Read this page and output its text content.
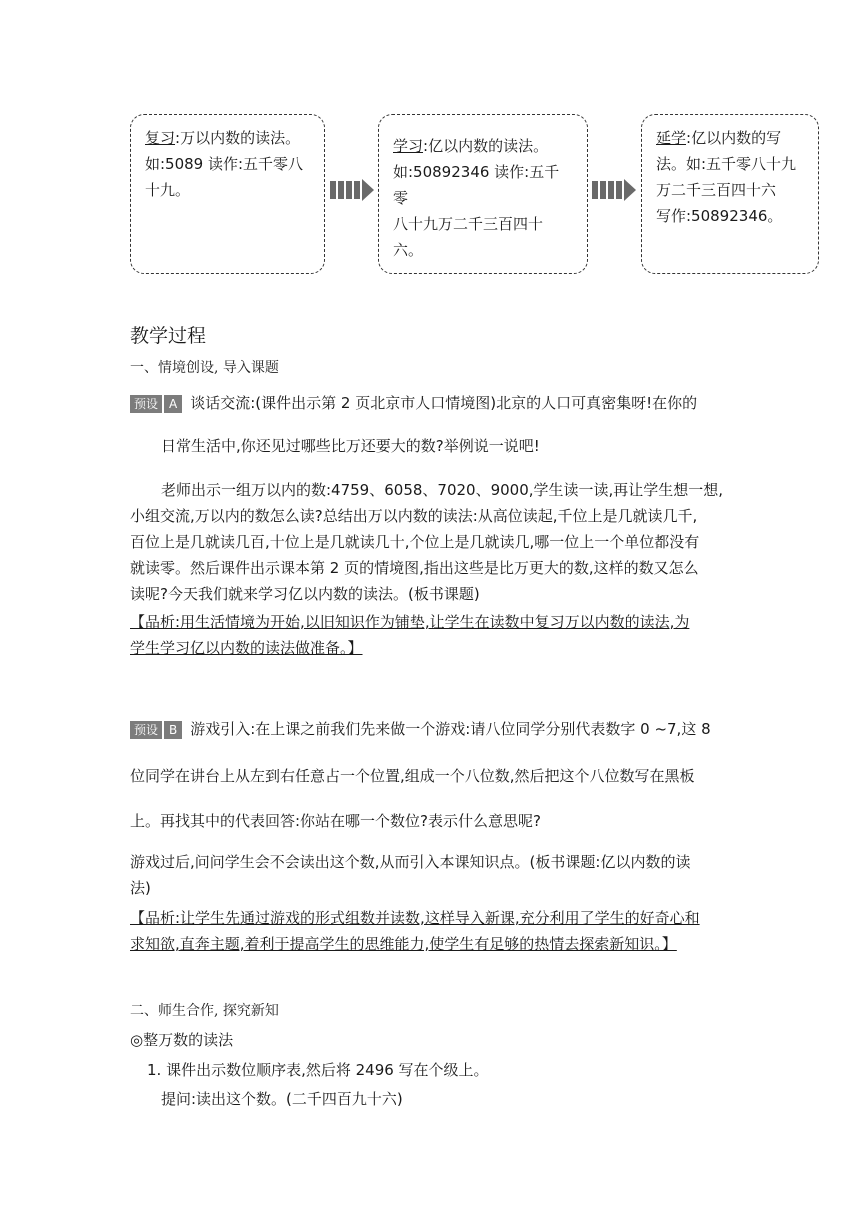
复习:万以内数的读法。
如:5089 读作:五千零八
十九。
学习:亿以内数的读法。
如:50892346 读作:五千零
八十九万二千三百四十
六。
延学:亿以内数的写
法。如:五千零八十九
万二千三百四十六
写作:50892346。
教学过程
一、情境创设, 导入课题
预设 A 谈话交流:(课件出示第 2 页北京市人口情境图)北京的人口可真密集呀!在你的
日常生活中,你还见过哪些比万还要大的数?举例说一说吧!
老师出示一组万以内的数:4759、6058、7020、9000,学生读一读,再让学生想一想,
小组交流,万以内的数怎么读?总结出万以内数的读法:从高位读起,千位上是几就读几千,
百位上是几就读几百,十位上是几就读几十,个位上是几就读几,哪一位上一个单位都没有
就读零。然后课件出示课本第 2 页的情境图,指出这些是比万更大的数,这样的数又怎么
读呢?今天我们就来学习亿以内数的读法。(板书课题)
【品析:用生活情境为开始,以旧知识作为铺垫,让学生在读数中复习万以内数的读法,为
学生学习亿以内数的读法做准备。】
预设 B 游戏引入:在上课之前我们先来做一个游戏:请八位同学分别代表数字 0 ~7,这 8
位同学在讲台上从左到右任意占一个位置,组成一个八位数,然后把这个八位数写在黑板
上。再找其中的代表回答:你站在哪一个数位?表示什么意思呢?
游戏过后,问问学生会不会读出这个数,从而引入本课知识点。(板书课题:亿以内数的读
法)
【品析:让学生先通过游戏的形式组数并读数,这样导入新课,充分利用了学生的好奇心和
求知欲,直奔主题,着利于提高学生的思维能力,使学生有足够的热情去探索新知识。】
二、师生合作, 探究新知
◎整万数的读法
1. 课件出示数位顺序表,然后将 2496 写在个级上。
提问:读出这个数。(二千四百九十六)
